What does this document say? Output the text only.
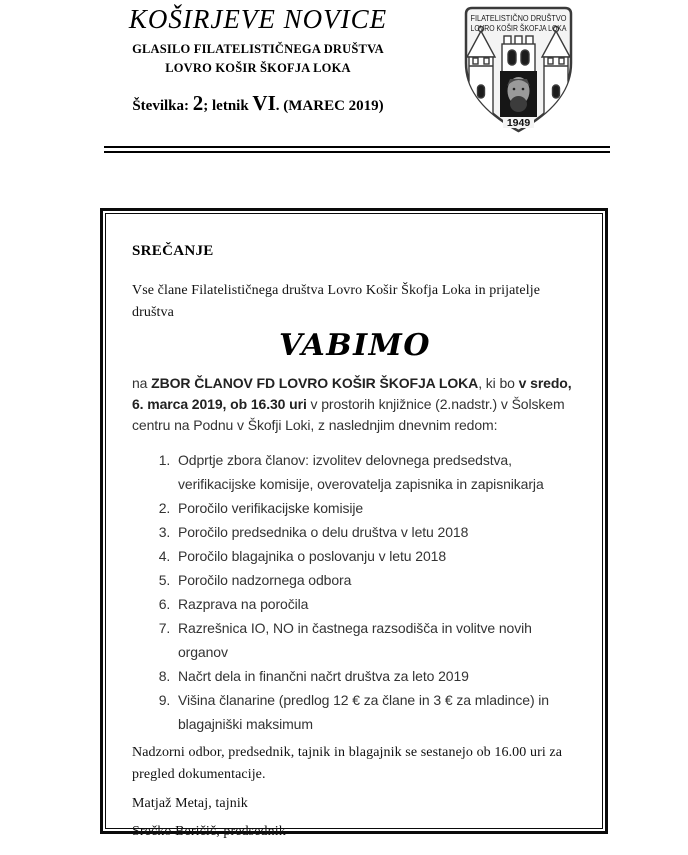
KOŠIRJEVE NOVICE
GLASILO FILATELISTIČNEGA DRUŠTVA
LOVRO KOŠIR ŠKOFJA LOKA
Številka: 2; letnik VI. (MAREC 2019)
FILATELISTIČNO DRUŠTVO
LOVRO KOŠIR ŠKOFJA LOKA
1949

SREČANJE

Vse člane Filatelističnega društva Lovro Košir Škofja Loka in prijatelje društva

VABIMO

na ZBOR ČLANOV FD LOVRO KOŠIR ŠKOFJA LOKA, ki bo v sredo, 6. marca 2019, ob 16.30 uri v prostorih knjižnice (2.nadstr.) v Šolskem centru na Podnu v Škofji Loki, z naslednjim dnevnim redom:

1. Odprtje zbora članov: izvolitev delovnega predsedstva, verifikacijske komisije, overovatelja zapisnika in zapisnikarja
2. Poročilo verifikacijske komisije
3. Poročilo predsednika o delu društva v letu 2018
4. Poročilo blagajnika o poslovanju v letu 2018
5. Poročilo nadzornega odbora
6. Razprava na poročila
7. Razrešnica IO, NO in častnega razsodišča in volitve novih organov
8. Načrt dela in finančni načrt društva za leto 2019
9. Višina članarine (predlog 12 € za člane in 3 € za mladince) in blagajniški maksimum

Nadzorni odbor, predsednik, tajnik in blagajnik se sestanejo ob 16.00 uri za pregled dokumentacije.

Matjaž Metaj, tajnik

Srečko Beričič, predsednik
